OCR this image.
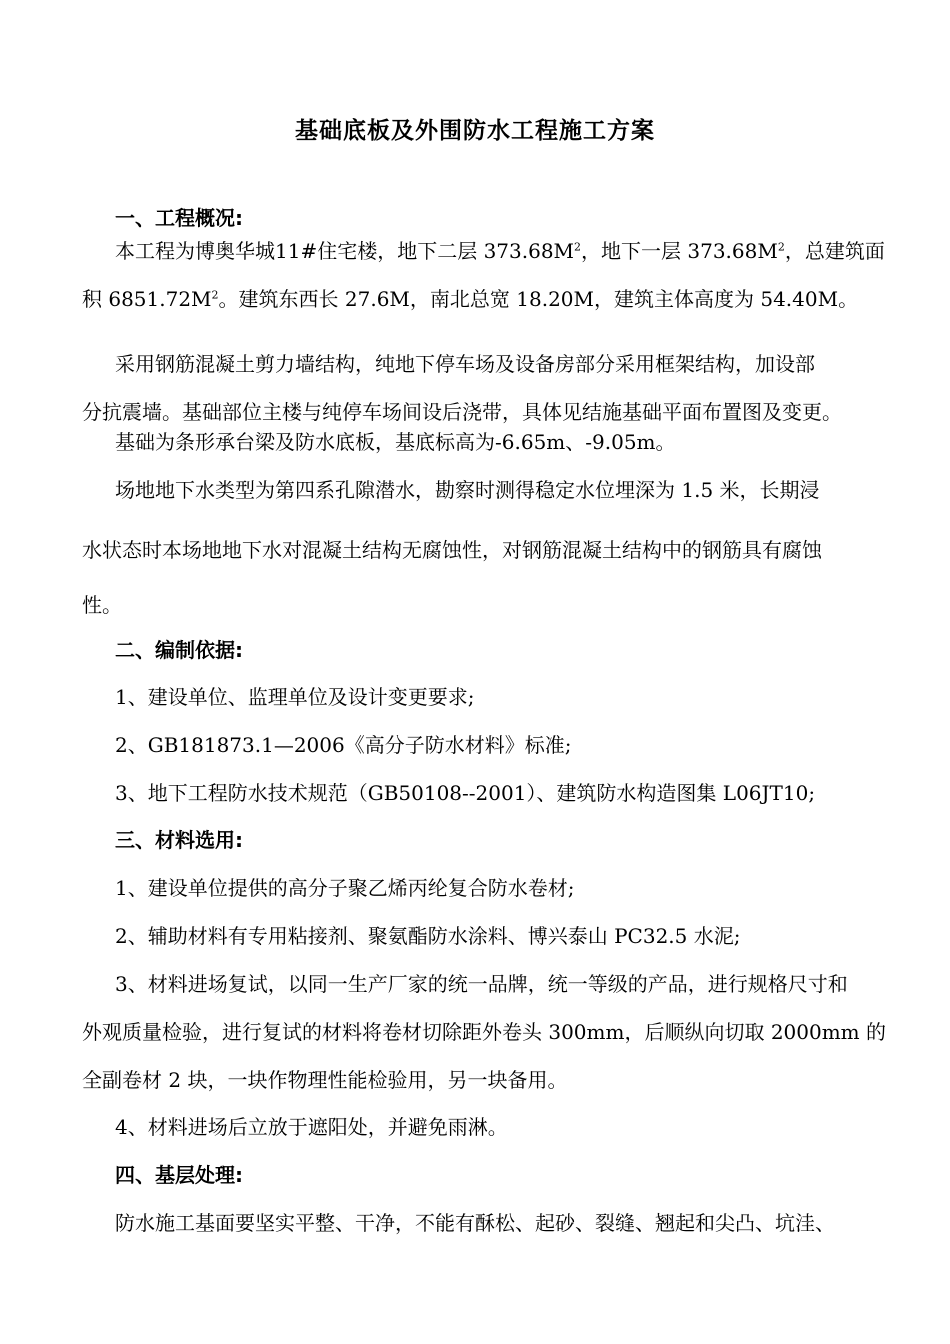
基础底板及外围防水工程施工方案
一、工程概况:
本工程为博奥华城11#住宅楼，地下二层 $373.68M^2$，地下一层 $373.68M^2$，总建筑面
积 $6851.72M^2$。建筑东西长 27.6M，南北总宽 18.20M，建筑主体高度为 54.40M。
采用钢筋混凝土剪力墙结构，纯地下停车场及设备房部分采用框架结构，加设部
分抗震墙。基础部位主楼与纯停车场间设后浇带，具体见结施基础平面布置图及变更。
基础为条形承台梁及防水底板，基底标高为-6.65m、-9.05m。
场地地下水类型为第四系孔隙潜水，勘察时测得稳定水位埋深为 1.5 米，长期浸
水状态时本场地地下水对混凝土结构无腐蚀性，对钢筋混凝土结构中的钢筋具有腐蚀
性。
二、编制依据:
1、建设单位、监理单位及设计变更要求;
2、GB181873.1—2006《高分子防水材料》标准;
3、地下工程防水技术规范（GB50108--2001）、建筑防水构造图集 L06JT10;
三、材料选用:
1、建设单位提供的高分子聚乙烯丙纶复合防水卷材;
2、辅助材料有专用粘接剂、聚氨酯防水涂料、博兴泰山 PC32.5 水泥;
3、材料进场复试，以同一生产厂家的统一品牌，统一等级的产品，进行规格尺寸和
外观质量检验，进行复试的材料将卷材切除距外卷头 300mm，后顺纵向切取 2000mm 的
全副卷材 2 块，一块作物理性能检验用，另一块备用。
4、材料进场后立放于遮阳处，并避免雨淋。
四、基层处理:
防水施工基面要坚实平整、干净，不能有酥松、起砂、裂缝、翘起和尖凸、坑洼、
